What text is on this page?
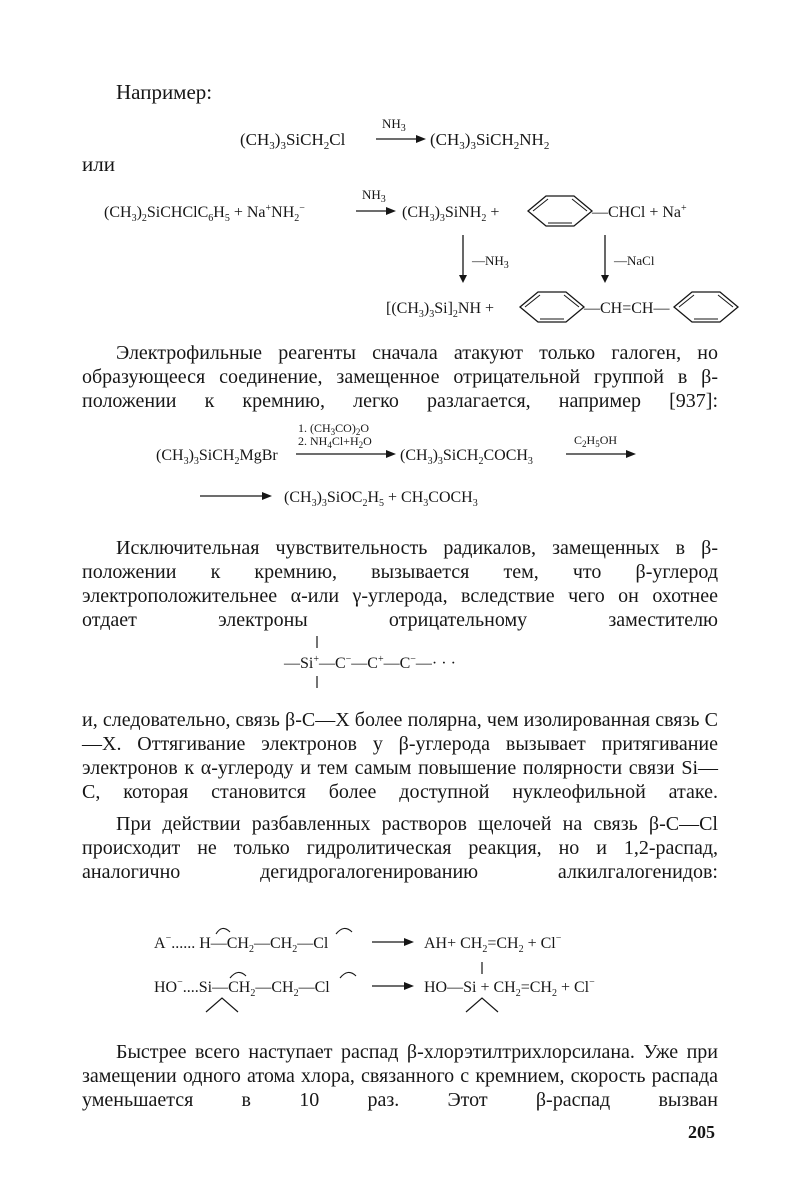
Например:
$(CH_3)_3SiCH_2Cl$
$NH_3$
$(CH_3)_3SiCH_2NH_2$
или
$(CH_3)_2SiCHClC_6H_5 + Na^+NH_2^-$
$NH_3$
$(CH_3)_3SiNH_2$ +	—CHCl + Na+
$—NH_3$	—NaCl
$[(CH_3)_3Si]_2NH$ +	—CH=CH—
Электрофильные реагенты сначала атакуют только галоген, но образующееся соединение, замещенное отрицательной группой в β-положении к кремнию, легко разлагается, например [937]:
1. $(CH_3CO)_2O$
2. $NH_4Cl+H_2O$
$(CH_3)_3SiCH_2MgBr$	$(CH_3)_3SiCH_2COCH_3$
$C_2H_5OH$
$(CH_3)_3SiOC_2H_5$ + $CH_3COCH_3$
Исключительная чувствительность радикалов, замещенных в β-положении к кремнию, вызывается тем, что β-углерод электроположительнее α-или γ-углерода, вследствие чего он охотнее отдает электроны отрицательному заместителю
—Si+—C−—C+—C−—· · ·
и, следовательно, связь β-C—X более полярна, чем изолированная связь C—X. Оттягивание электронов у β-углерода вызывает притягивание электронов к α-углероду и тем самым повышение полярности связи Si—C, которая становится более доступной нуклеофильной атаке.
При действии разбавленных растворов щелочей на связь β-C—Cl происходит не только гидролитическая реакция, но и 1,2-распад, аналогично дегидрогалогенированию алкилгалогенидов:
A−...... $H—CH_2—CH_2—Cl$	$AH+ CH_2=CH_2 + Cl^-$
$HO^-....Si—CH_2—CH_2—Cl$	HO—Si + $CH_2=CH_2 + Cl^-$
Быстрее всего наступает распад β-хлорэтилтрихлорсилана. Уже при замещении одного атома хлора, связанного с кремнием, скорость распада уменьшается в 10 раз. Этот β-распад вызван
205
